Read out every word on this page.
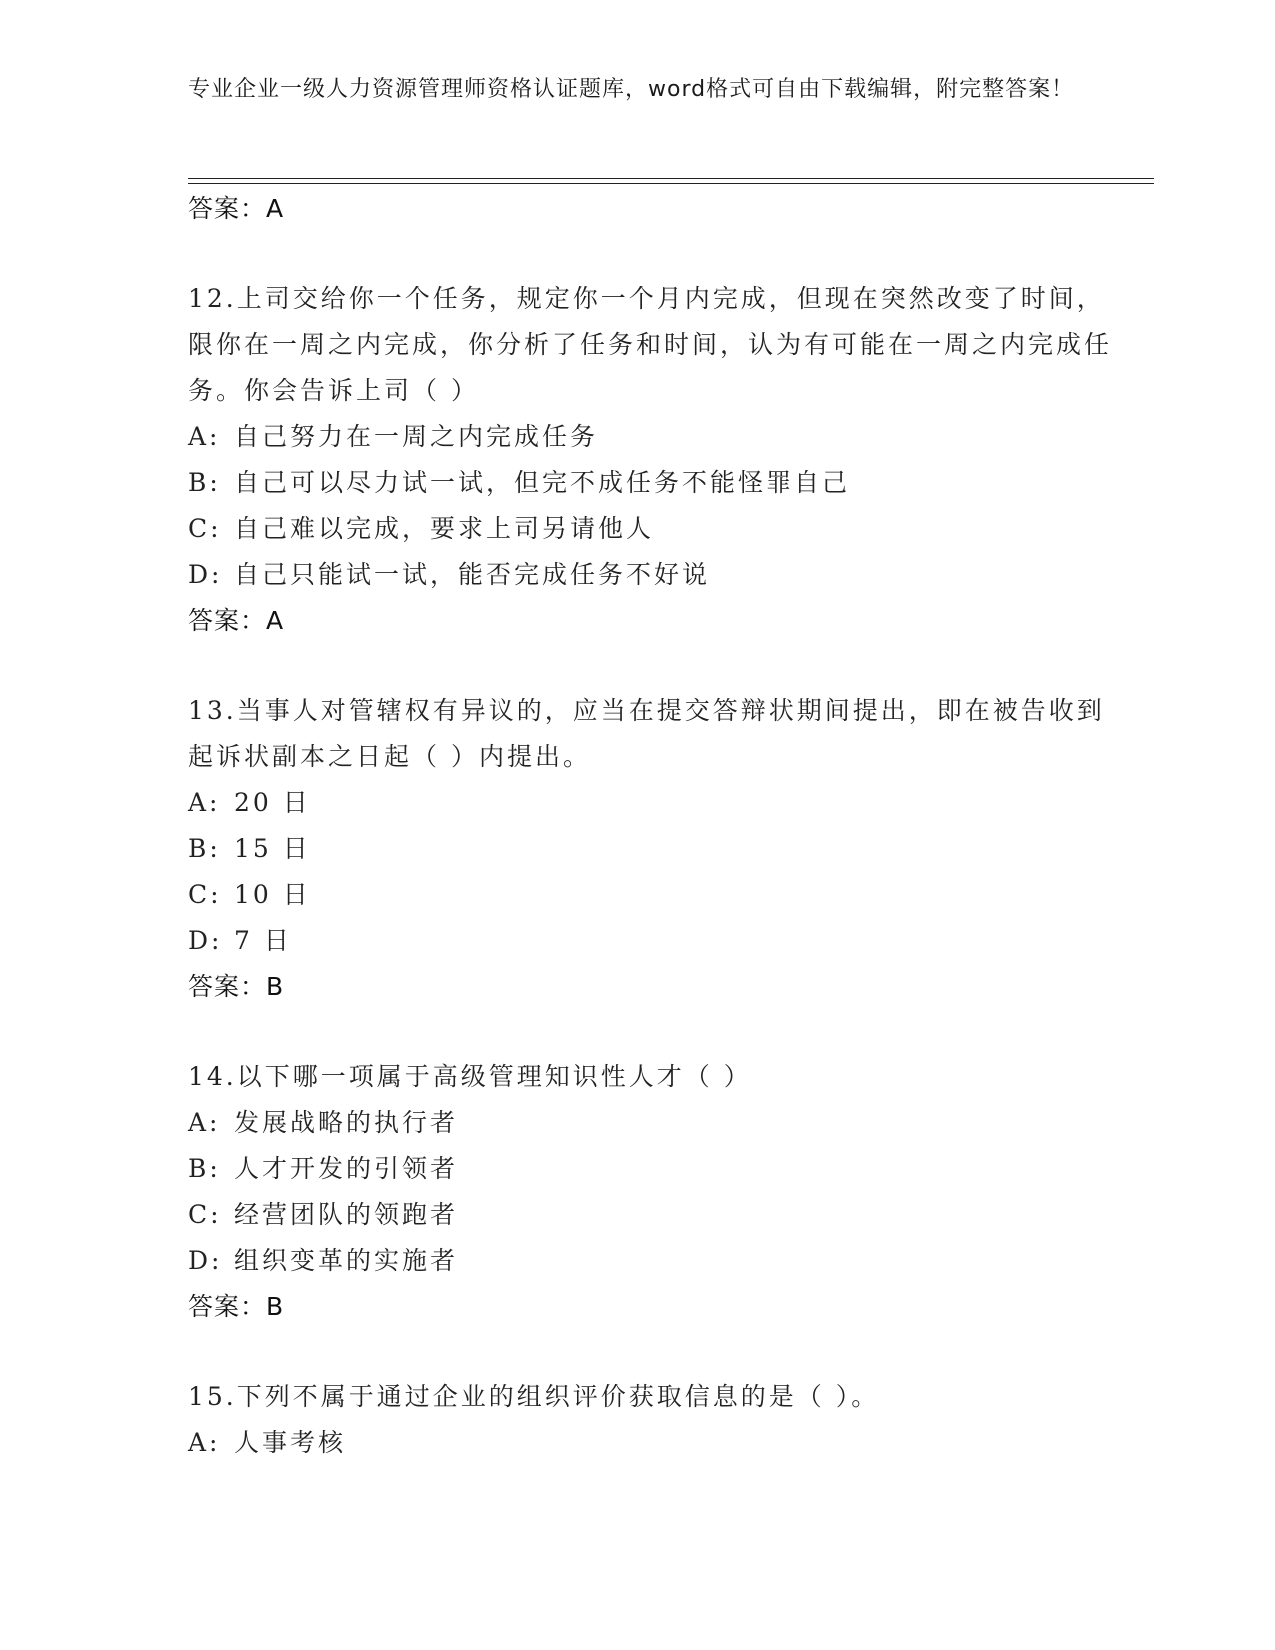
专业企业一级人力资源管理师资格认证题库，word格式可自由下载编辑，附完整答案！
答案：A
12.上司交给你一个任务，规定你一个月内完成，但现在突然改变了时间，限你在一周之内完成，你分析了任务和时间，认为有可能在一周之内完成任务。你会告诉上司（ ）
A: 自己努力在一周之内完成任务
B: 自己可以尽力试一试，但完不成任务不能怪罪自己
C: 自己难以完成，要求上司另请他人
D: 自己只能试一试，能否完成任务不好说
答案：A
13.当事人对管辖权有异议的，应当在提交答辩状期间提出，即在被告收到起诉状副本之日起（ ）内提出。
A: 20 日
B: 15 日
C: 10 日
D: 7 日
答案：B
14.以下哪一项属于高级管理知识性人才（ ）
A: 发展战略的执行者
B: 人才开发的引领者
C: 经营团队的领跑者
D: 组织变革的实施者
答案：B
15.下列不属于通过企业的组织评价获取信息的是（ ）。
A: 人事考核
